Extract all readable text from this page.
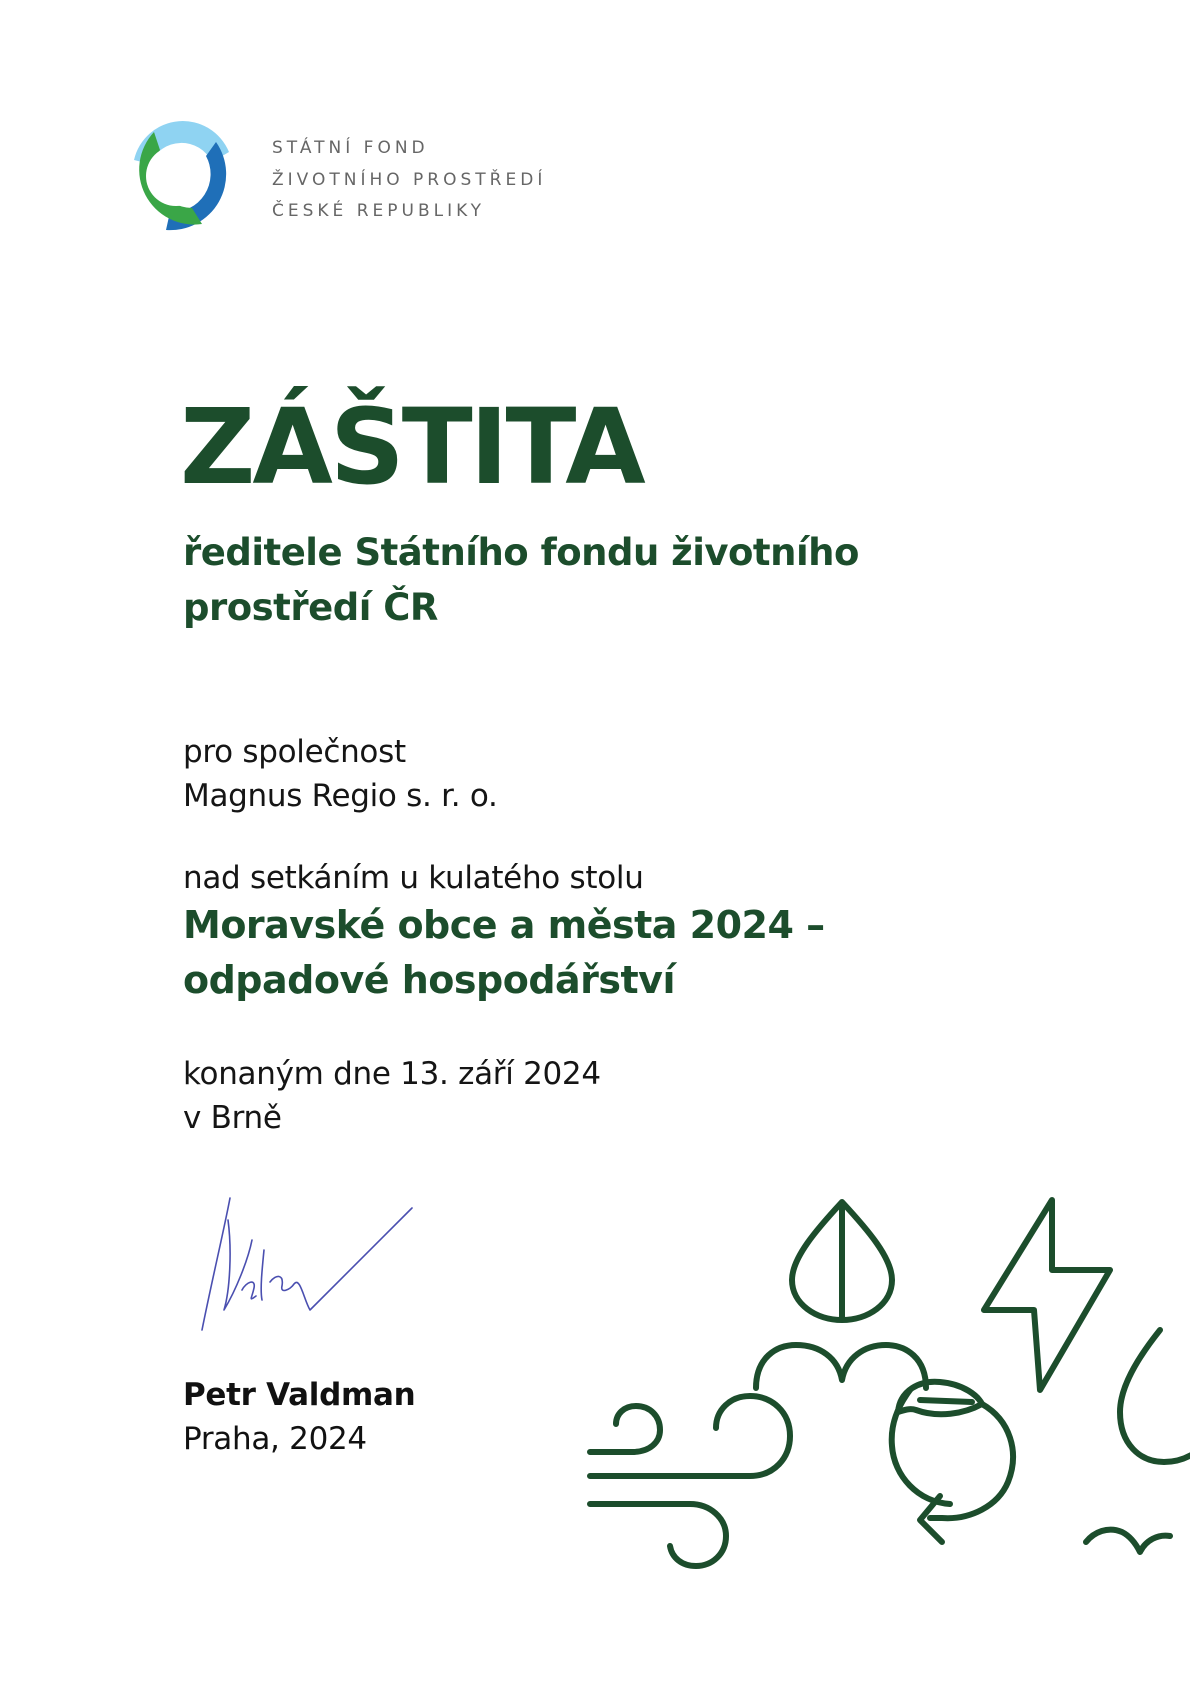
STÁTNÍ FOND
ŽIVOTNÍHO PROSTŘEDÍ
ČESKÉ REPUBLIKY
ZÁŠTITA
ředitele Státního fondu životního prostředí ČR
pro společnost
Magnus Regio s. r. o.
nad setkáním u kulatého stolu
Moravské obce a města 2024 –
odpadové hospodářství
konaným dne 13. září 2024
v Brně
Petr Valdman
Praha, 2024
